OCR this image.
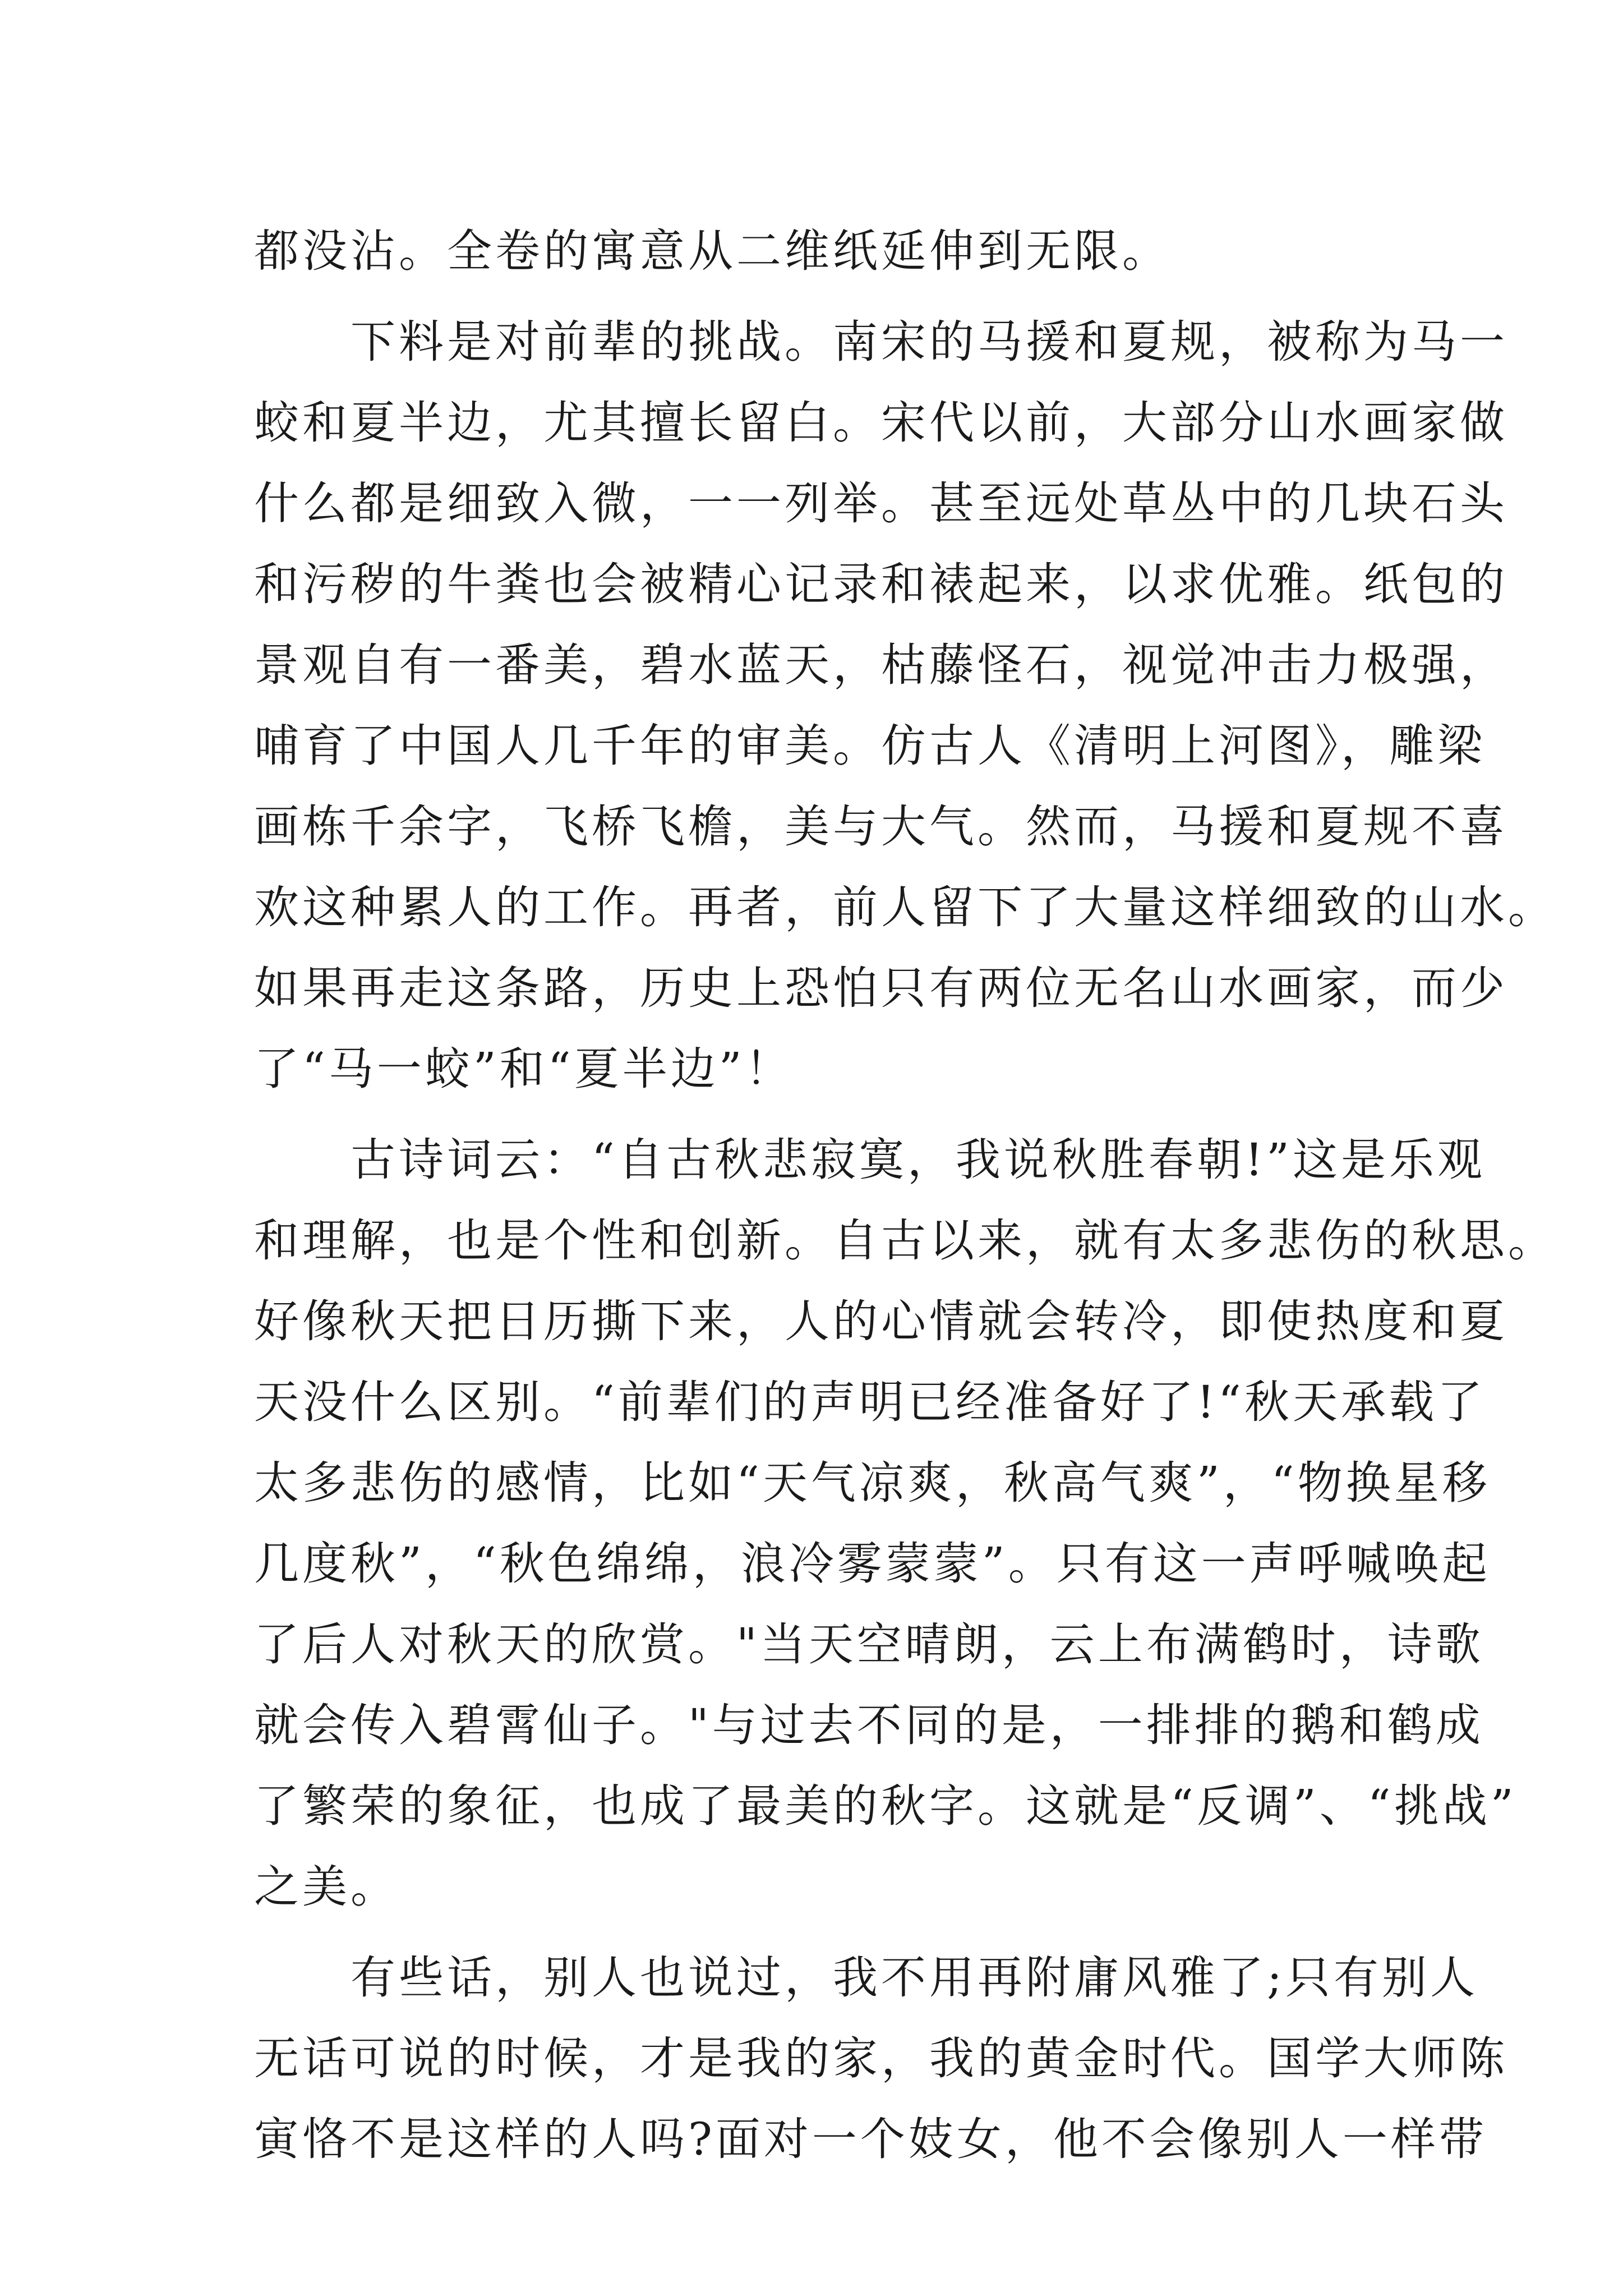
都没沾。全卷的寓意从二维纸延伸到无限。
　　下料是对前辈的挑战。南宋的马援和夏规，被称为马一
蛟和夏半边，尤其擅长留白。宋代以前，大部分山水画家做
什么都是细致入微，一一列举。甚至远处草丛中的几块石头
和污秽的牛粪也会被精心记录和裱起来，以求优雅。纸包的
景观自有一番美，碧水蓝天，枯藤怪石，视觉冲击力极强，
哺育了中国人几千年的审美。仿古人《清明上河图》，雕梁
画栋千余字，飞桥飞檐，美与大气。然而，马援和夏规不喜
欢这种累人的工作。再者，前人留下了大量这样细致的山水。
如果再走这条路，历史上恐怕只有两位无名山水画家，而少
了“马一蛟”和“夏半边”！
　　古诗词云：“自古秋悲寂寞，我说秋胜春朝!”这是乐观
和理解，也是个性和创新。自古以来，就有太多悲伤的秋思。
好像秋天把日历撕下来，人的心情就会转冷，即使热度和夏
天没什么区别。“前辈们的声明已经准备好了!“秋天承载了
太多悲伤的感情，比如“天气凉爽，秋高气爽”，“物换星移
几度秋”，“秋色绵绵，浪冷雾蒙蒙”。只有这一声呼喊唤起
了后人对秋天的欣赏。"当天空晴朗，云上布满鹤时，诗歌
就会传入碧霄仙子。"与过去不同的是，一排排的鹅和鹤成
了繁荣的象征，也成了最美的秋字。这就是“反调”、“挑战”
之美。
　　有些话，别人也说过，我不用再附庸风雅了;只有别人
无话可说的时候，才是我的家，我的黄金时代。国学大师陈
寅恪不是这样的人吗?面对一个妓女，他不会像别人一样带
